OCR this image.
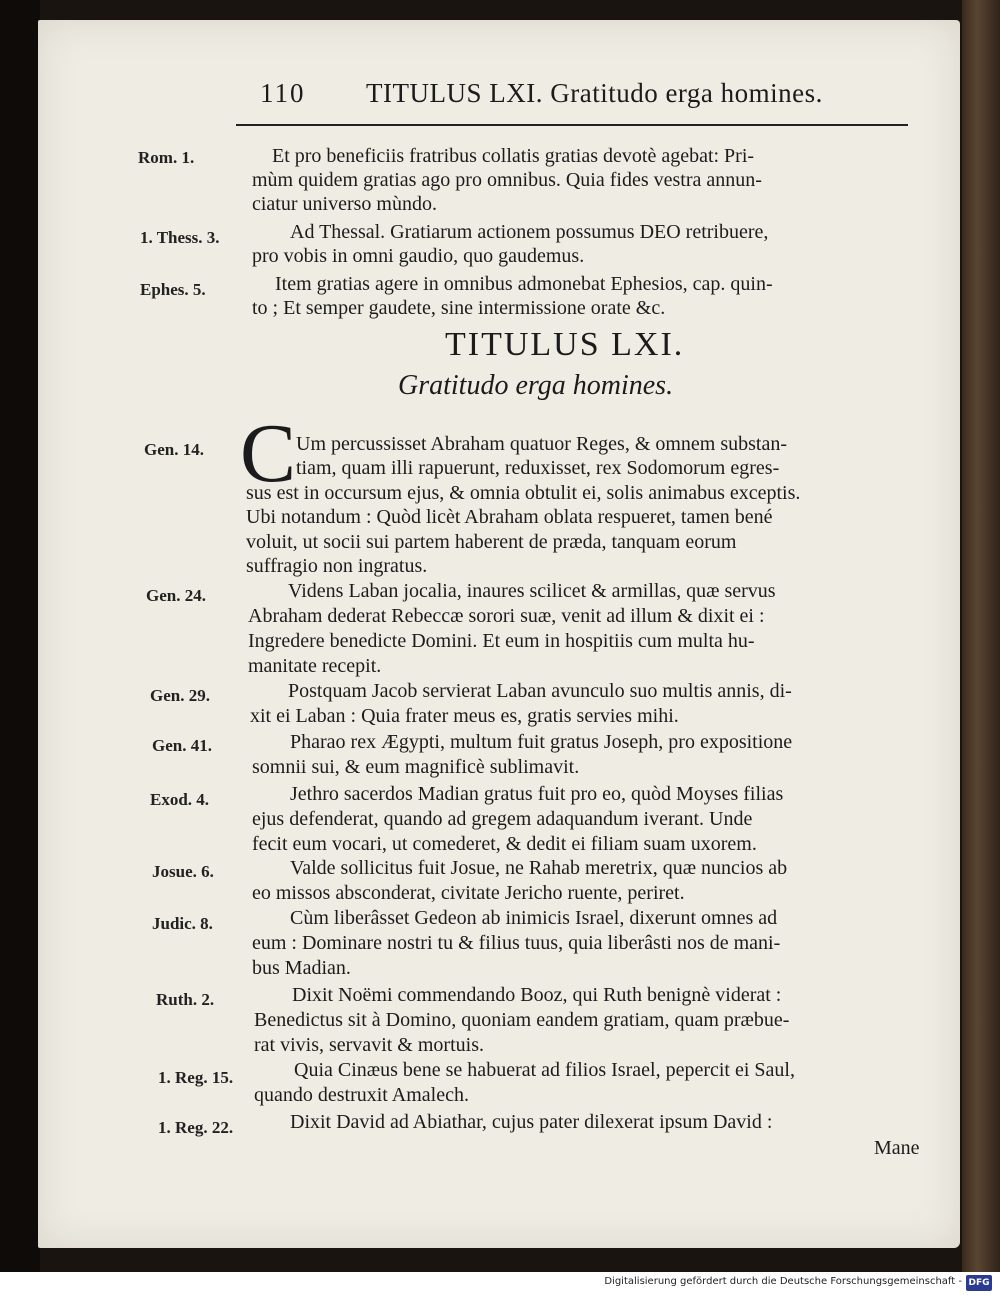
110 TITULUS LXI. Gratitudo erga homines.
Rom. 1.	Et pro beneficiis fratribus collatis gratias devotè agebat: Pri-
mùm quidem gratias ago pro omnibus. Quia fides vestra annun-
ciatur universo mùndo.
1. Thess. 3.	Ad Thessal. Gratiarum actionem possumus DEO retribuere,
pro vobis in omni gaudio, quo gaudemus.
Ephes. 5.	Item gratias agere in omnibus admonebat Ephesios, cap. quin-
to ; Et semper gaudete, sine intermissione orate &c.
TITULUS LXI.
Gratitudo erga homines.
C
Gen. 14.	Um percussisset Abraham quatuor Reges, & omnem substan-
tiam, quam illi rapuerunt, reduxisset, rex Sodomorum egres-
sus est in occursum ejus, & omnia obtulit ei, solis animabus exceptis.
Ubi notandum : Quòd licèt Abraham oblata respueret, tamen bené
voluit, ut socii sui partem haberent de præda, tanquam eorum
suffragio non ingratus.
Gen. 24.	Videns Laban jocalia, inaures scilicet & armillas, quæ servus
Abraham dederat Rebeccæ sorori suæ, venit ad illum & dixit ei :
Ingredere benedicte Domini. Et eum in hospitiis cum multa hu-
manitate recepit.
Gen. 29.	Postquam Jacob servierat Laban avunculo suo multis annis, di-
xit ei Laban : Quia frater meus es, gratis servies mihi.
Gen. 41.	Pharao rex Ægypti, multum fuit gratus Joseph, pro expositione
somnii sui, & eum magnificè sublimavit.
Exod. 4.	Jethro sacerdos Madian gratus fuit pro eo, quòd Moyses filias
ejus defenderat, quando ad gregem adaquandum iverant. Unde
fecit eum vocari, ut comederet, & dedit ei filiam suam uxorem.
Josue. 6.	Valde sollicitus fuit Josue, ne Rahab meretrix, quæ nuncios ab
eo missos absconderat, civitate Jericho ruente, periret.
Judic. 8.	Cùm liberâsset Gedeon ab inimicis Israel, dixerunt omnes ad
eum : Dominare nostri tu & filius tuus, quia liberâsti nos de mani-
bus Madian.
Ruth. 2.	Dixit Noëmi commendando Booz, qui Ruth benignè viderat :
Benedictus sit à Domino, quoniam eandem gratiam, quam præbue-
rat vivis, servavit & mortuis.
1. Reg. 15.	Quia Cinæus bene se habuerat ad filios Israel, pepercit ei Saul,
quando destruxit Amalech.
1. Reg. 22.	Dixit David ad Abiathar, cujus pater dilexerat ipsum David :
Mane
Digitalisierung gefördert durch die Deutsche Forschungsgemeinschaft - DFG
